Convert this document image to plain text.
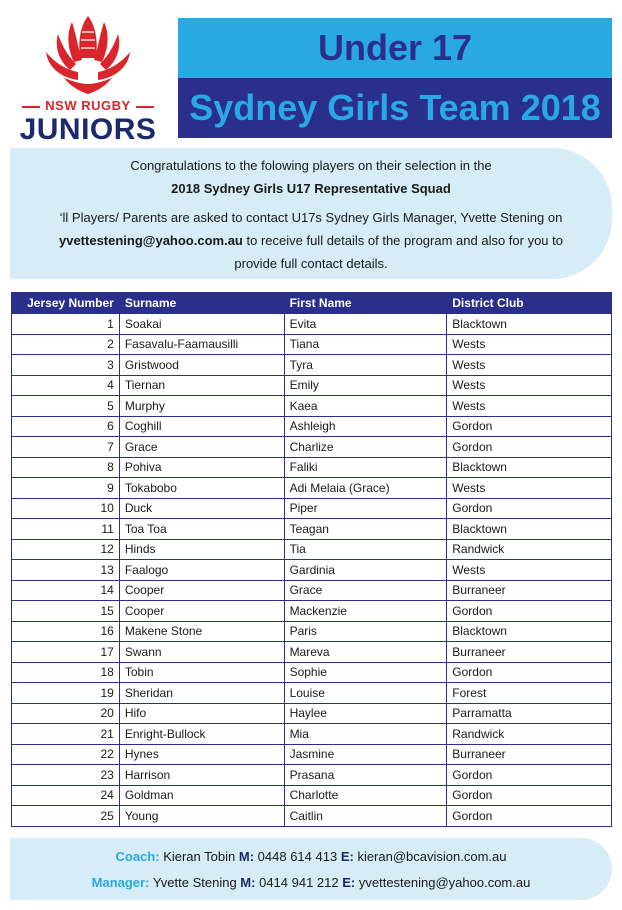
NSW RUGBY
JUNIORS
Under 17
Sydney Girls Team 2018

Congratulations to the folowing players on their selection in the

2018 Sydney Girls U17 Representative Squad

‘ll Players/ Parents are asked to contact U17s Sydney Girls Manager, Yvette Stening on

yvettestening@yahoo.com.au to receive full details of the program and also for you to

provide full contact details.

Jersey Number	Surname	First Name	District Club
1	Soakai	Evita	Blacktown
2	Fasavalu-Faamausilli	Tiana	Wests
3	Gristwood	Tyra	Wests
4	Tiernan	Emily	Wests
5	Murphy	Kaea	Wests
6	Coghill	Ashleigh	Gordon
7	Grace	Charlize	Gordon
8	Pohiva	Faliki	Blacktown
9	Tokabobo	Adi Melaia (Grace)	Wests
10	Duck	Piper	Gordon
11	Toa Toa	Teagan	Blacktown
12	Hinds	Tia	Randwick
13	Faalogo	Gardinia	Wests
14	Cooper	Grace	Burraneer
15	Cooper	Mackenzie	Gordon
16	Makene Stone	Paris	Blacktown
17	Swann	Mareva	Burraneer
18	Tobin	Sophie	Gordon
19	Sheridan	Louise	Forest
20	Hifo	Haylee	Parramatta
21	Enright-Bullock	Mia	Randwick
22	Hynes	Jasmine	Burraneer
23	Harrison	Prasana	Gordon
24	Goldman	Charlotte	Gordon
25	Young	Caitlin	Gordon
Coach: Kieran Tobin M: 0448 614 413 E: kieran@bcavision.com.au
Manager: Yvette Stening M: 0414 941 212 E: yvettestening@yahoo.com.au
